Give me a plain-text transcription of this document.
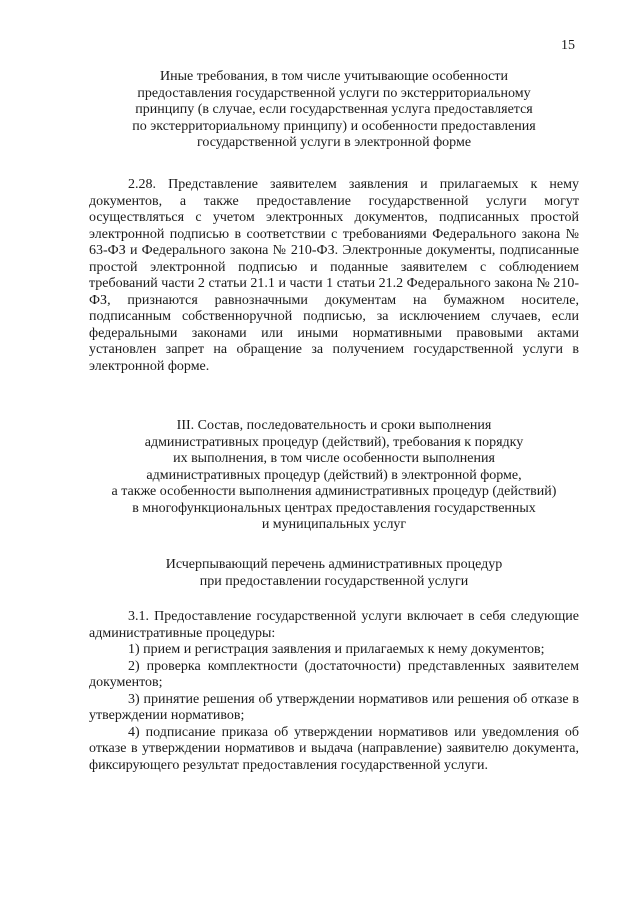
15
Иные требования, в том числе учитывающие особенности
предоставления государственной услуги по экстерриториальному
принципу (в случае, если государственная услуга предоставляется
по экстерриториальному принципу) и особенности предоставления
государственной услуги в электронной форме

2.28. Представление заявителем заявления и прилагаемых к нему документов, а также предоставление государственной услуги могут осуществляться с учетом электронных документов, подписанных простой электронной подписью в соответствии с требованиями Федерального закона № 63-ФЗ и Федерального закона № 210-ФЗ. Электронные документы, подписанные простой электронной подписью и поданные заявителем с соблюдением требований части 2 статьи 21.1 и части 1 статьи 21.2 Федерального закона № 210-ФЗ, признаются равнозначными документам на бумажном носителе, подписанным собственноручной подписью, за исключением случаев, если федеральными законами или иными нормативными правовыми актами установлен запрет на обращение за получением государственной услуги в электронной форме.

III. Состав, последовательность и сроки выполнения
административных процедур (действий), требования к порядку
их выполнения, в том числе особенности выполнения
административных процедур (действий) в электронной форме,
а также особенности выполнения административных процедур (действий)
в многофункциональных центрах предоставления государственных
и муниципальных услуг
Исчерпывающий перечень административных процедур
при предоставлении государственной услуги

3.1. Предоставление государственной услуги включает в себя следующие административные процедуры:

1) прием и регистрация заявления и прилагаемых к нему документов;

2) проверка комплектности (достаточности) представленных заявителем документов;

3) принятие решения об утверждении нормативов или решения об отказе в утверждении нормативов;

4) подписание приказа об утверждении нормативов или уведомления об отказе в утверждении нормативов и выдача (направление) заявителю документа, фиксирующего результат предоставления государственной услуги.
